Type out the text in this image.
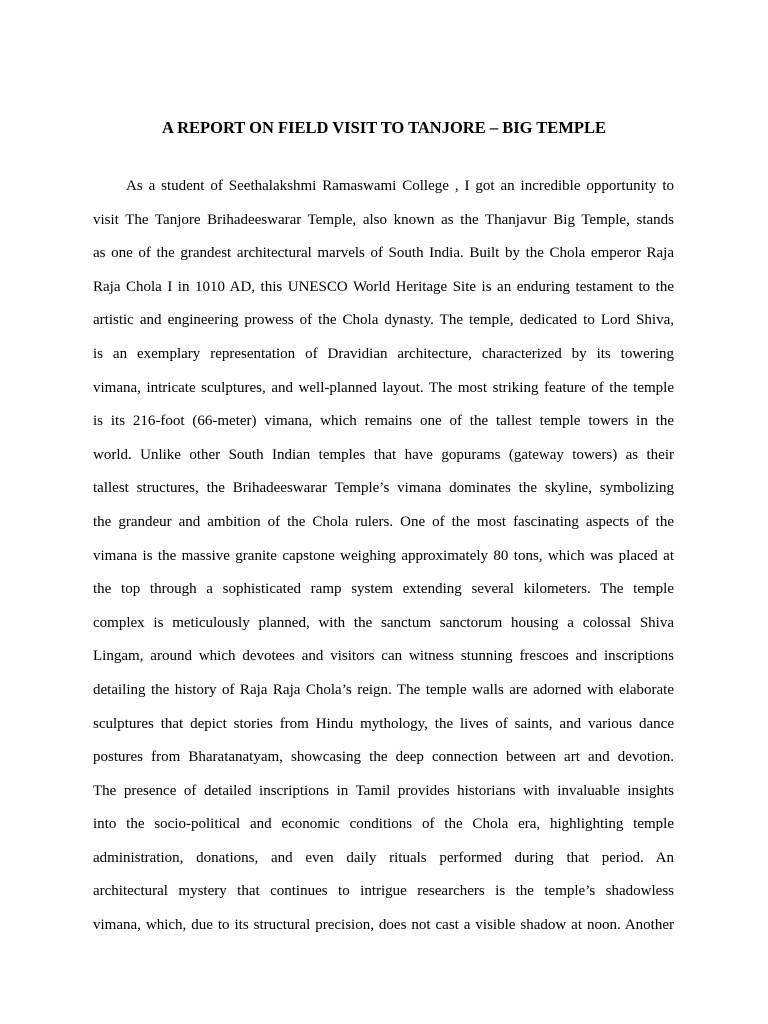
A REPORT ON FIELD VISIT TO TANJORE – BIG TEMPLE
As a student of Seethalakshmi Ramaswami College , I got an incredible opportunity to
visit The Tanjore Brihadeeswarar Temple, also known as the Thanjavur Big Temple, stands
as one of the grandest architectural marvels of South India. Built by the Chola emperor Raja
Raja Chola I in 1010 AD, this UNESCO World Heritage Site is an enduring testament to the
artistic and engineering prowess of the Chola dynasty. The temple, dedicated to Lord Shiva,
is an exemplary representation of Dravidian architecture, characterized by its towering
vimana, intricate sculptures, and well-planned layout. The most striking feature of the temple
is its 216-foot (66-meter) vimana, which remains one of the tallest temple towers in the
world. Unlike other South Indian temples that have gopurams (gateway towers) as their
tallest structures, the Brihadeeswarar Temple’s vimana dominates the skyline, symbolizing
the grandeur and ambition of the Chola rulers. One of the most fascinating aspects of the
vimana is the massive granite capstone weighing approximately 80 tons, which was placed at
the top through a sophisticated ramp system extending several kilometers. The temple
complex is meticulously planned, with the sanctum sanctorum housing a colossal Shiva
Lingam, around which devotees and visitors can witness stunning frescoes and inscriptions
detailing the history of Raja Raja Chola’s reign. The temple walls are adorned with elaborate
sculptures that depict stories from Hindu mythology, the lives of saints, and various dance
postures from Bharatanatyam, showcasing the deep connection between art and devotion.
The presence of detailed inscriptions in Tamil provides historians with invaluable insights
into the socio-political and economic conditions of the Chola era, highlighting temple
administration, donations, and even daily rituals performed during that period. An
architectural mystery that continues to intrigue researchers is the temple’s shadowless
vimana, which, due to its structural precision, does not cast a visible shadow at noon. Another
